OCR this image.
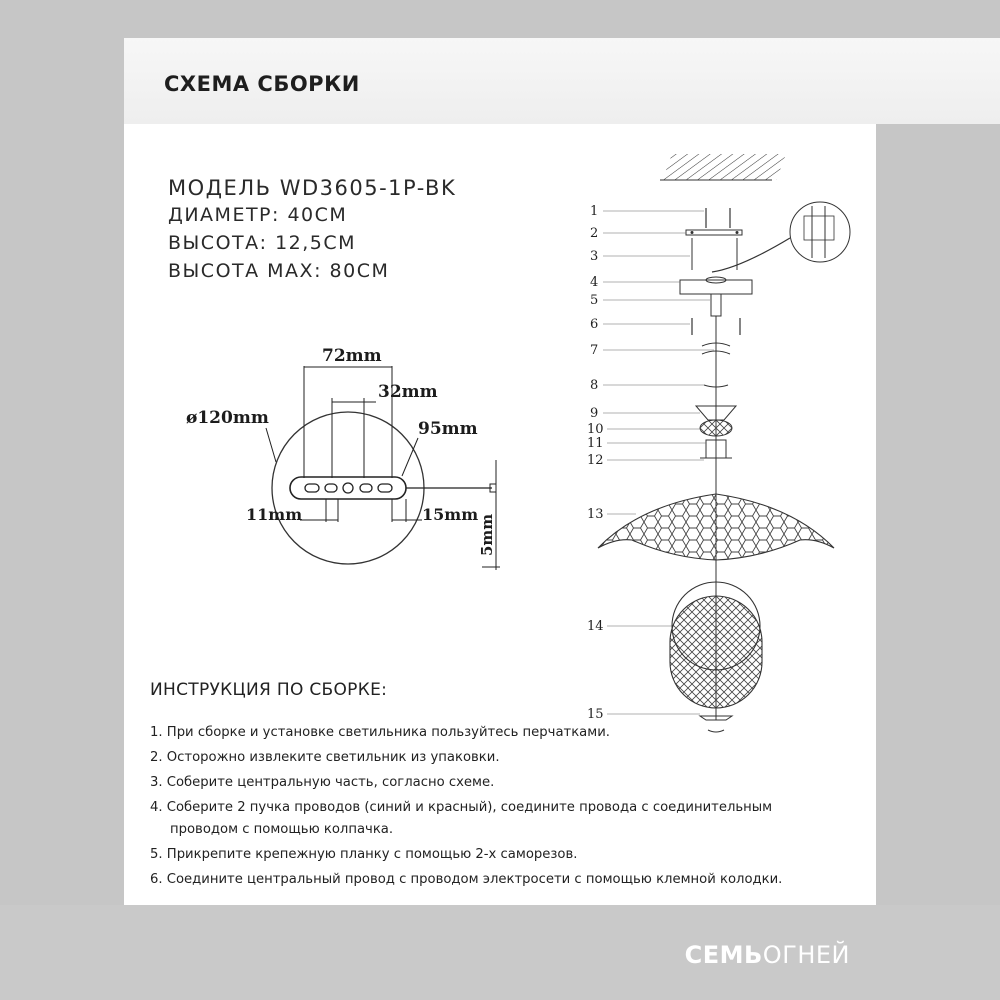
СХЕМА СБОРКИ
МОДЕЛЬ WD3605-1P-BK
ДИАМЕТР: 40СМ
ВЫСОТА: 12,5СМ
ВЫСОТА MAX: 80СМ
72mm
32mm
ø120mm
95mm
11mm	15mm 5mm
1
2
3
4
5
6
7
8
9
10
11
12
13
14
15
ИНСТРУКЦИЯ ПО СБОРКЕ:
1. При сборке и установке светильника пользуйтесь перчатками.
2. Осторожно извлеките светильник из упаковки.
3. Соберите центральную часть, согласно схеме.
4. Соберите 2 пучка проводов (синий и красный), соедините провода с соединительным
проводом с помощью колпачка.
5. Прикрепите крепежную планку с помощью 2-х саморезов.
6. Соедините центральный провод с проводом электросети с помощью клемной колодки.
СЕМЬОГНЕЙ
